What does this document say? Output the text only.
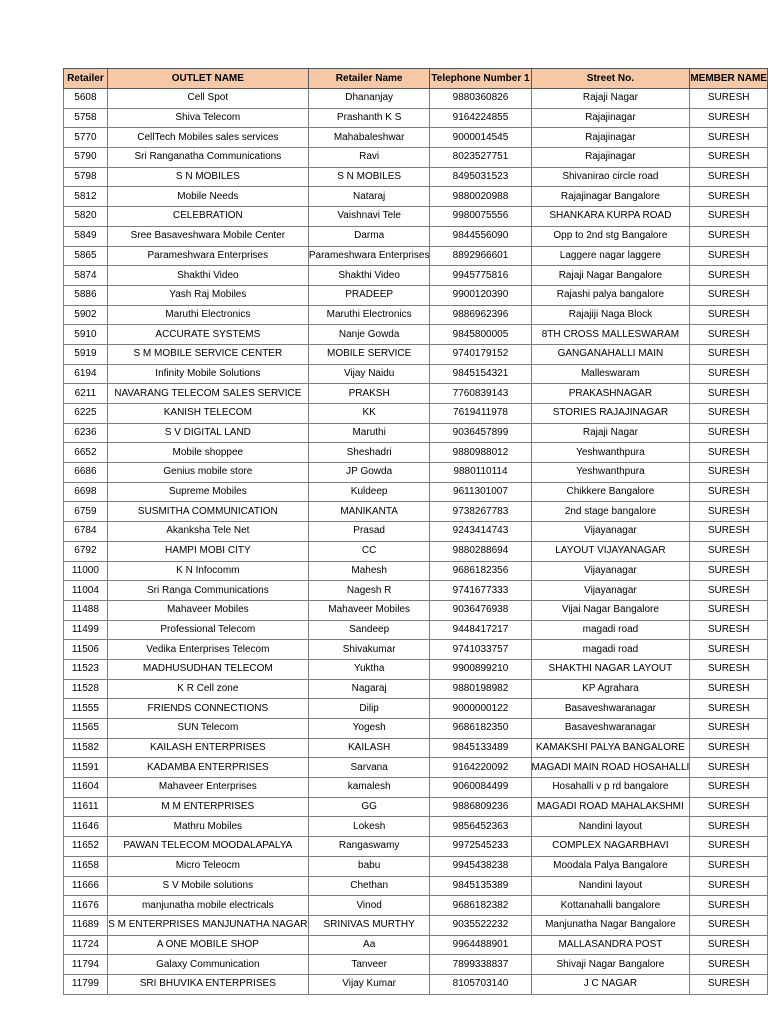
Retailer	OUTLET NAME	Retailer Name	Telephone Number 1	Street No.	MEMBER NAME
5608	Cell Spot	Dhananjay	9880360826	Rajaji Nagar	SURESH
5758	Shiva Telecom	Prashanth K S	9164224855	Rajajinagar	SURESH
5770	CellTech Mobiles sales services	Mahabaleshwar	9000014545	Rajajinagar	SURESH
5790	Sri Ranganatha Communications	Ravi	8023527751	Rajajinagar	SURESH
5798	S N MOBILES	S N MOBILES	8495031523	Shivanirao circle road	SURESH
5812	Mobile Needs	Nataraj	9880020988	Rajajinagar Bangalore	SURESH
5820	CELEBRATION	Vaishnavi Tele	9980075556	SHANKARA KURPA ROAD	SURESH
5849	Sree Basaveshwara Mobile Center	Darma	9844556090	Opp to 2nd stg Bangalore	SURESH
5865	Parameshwara Enterprises	Parameshwara Enterprises	8892966601	Laggere nagar laggere	SURESH
5874	Shakthi Video	Shakthi Video	9945775816	Rajaji Nagar Bangalore	SURESH
5886	Yash Raj Mobiles	PRADEEP	9900120390	Rajashi palya bangalore	SURESH
5902	Maruthi Electronics	Maruthi Electronics	9886962396	Rajajiji Naga Block	SURESH
5910	ACCURATE SYSTEMS	Nanje Gowda	9845800005	8TH CROSS MALLESWARAM	SURESH
5919	S M MOBILE SERVICE CENTER	MOBILE SERVICE	9740179152	GANGANAHALLI MAIN	SURESH
6194	Infinity Mobile Solutions	Vijay Naidu	9845154321	Malleswaram	SURESH
6211	NAVARANG TELECOM SALES SERVICE	PRAKSH	7760839143	PRAKASHNAGAR	SURESH
6225	KANISH TELECOM	KK	7619411978	STORIES RAJAJINAGAR	SURESH
6236	S V DIGITAL LAND	Maruthi	9036457899	Rajaji Nagar	SURESH
6652	Mobile shoppee	Sheshadri	9880988012	Yeshwanthpura	SURESH
6686	Genius mobile store	JP Gowda	9880110114	Yeshwanthpura	SURESH
6698	Supreme Mobiles	Kuldeep	9611301007	Chikkere Bangalore	SURESH
6759	SUSMITHA COMMUNICATION	MANIKANTA	9738267783	2nd stage bangalore	SURESH
6784	Akanksha Tele Net	Prasad	9243414743	Vijayanagar	SURESH
6792	HAMPI MOBI CITY	CC	9880288694	LAYOUT VIJAYANAGAR	SURESH
11000	K N Infocomm	Mahesh	9686182356	Vijayanagar	SURESH
11004	Sri Ranga Communications	Nagesh R	9741677333	Vijayanagar	SURESH
11488	Mahaveer Mobiles	Mahaveer Mobiles	9036476938	Vijai Nagar Bangalore	SURESH
11499	Professional Telecom	Sandeep	9448417217	magadi road	SURESH
11506	Vedika Enterprises Telecom	Shivakumar	9741033757	magadi road	SURESH
11523	MADHUSUDHAN TELECOM	Yuktha	9900899210	SHAKTHI NAGAR LAYOUT	SURESH
11528	K R Cell zone	Nagaraj	9880198982	KP Agrahara	SURESH
11555	FRIENDS CONNECTIONS	Dilip	9000000122	Basaveshwaranagar	SURESH
11565	SUN Telecom	Yogesh	9686182350	Basaveshwaranagar	SURESH
11582	KAILASH ENTERPRISES	KAILASH	9845133489	KAMAKSHI PALYA BANGALORE	SURESH
11591	KADAMBA ENTERPRISES	Sarvana	9164220092	MAGADI MAIN ROAD HOSAHALLI	SURESH
11604	Mahaveer Enterprises	kamalesh	9060084499	Hosahalli v p rd bangalore	SURESH
11611	M M ENTERPRISES	GG	9886809236	MAGADI ROAD MAHALAKSHMI	SURESH
11646	Mathru Mobiles	Lokesh	9856452363	Nandini layout	SURESH
11652	PAWAN TELECOM MOODALAPALYA	Rangaswamy	9972545233	COMPLEX NAGARBHAVI	SURESH
11658	Micro Teleocm	babu	9945438238	Moodala Palya Bangalore	SURESH
11666	S V Mobile solutions	Chethan	9845135389	Nandini layout	SURESH
11676	manjunatha mobile electricals	Vinod	9686182382	Kottanahalli bangalore	SURESH
11689	S M ENTERPRISES MANJUNATHA NAGAR	SRINIVAS MURTHY	9035522232	Manjunatha Nagar Bangalore	SURESH
11724	A ONE MOBILE SHOP	Aa	9964488901	MALLASANDRA POST	SURESH
11794	Galaxy Communication	Tanveer	7899338837	Shivaji Nagar Bangalore	SURESH
11799	SRI BHUVIKA ENTERPRISES	Vijay Kumar	8105703140	J C NAGAR	SURESH
